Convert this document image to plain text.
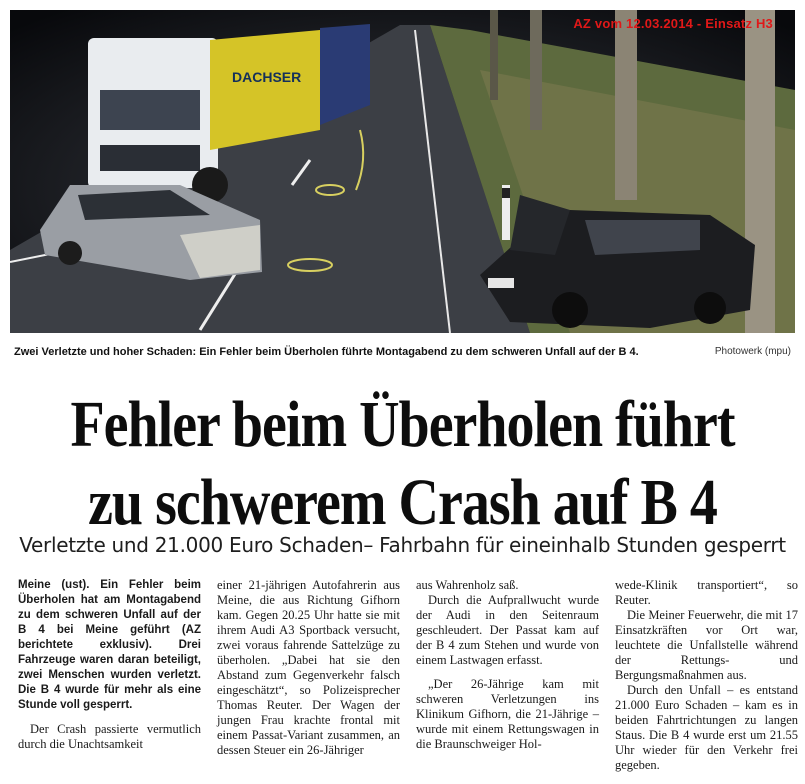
DACHSER
AZ vom 12.03.2014 - Einsatz H3
Zwei Verletzte und hoher Schaden: Ein Fehler beim Überholen führte Montagabend zu dem schweren Unfall auf der B 4.	Photowerk (mpu)
Fehler beim Überholen führt
zu schwerem Crash auf B 4
Verletzte und 21.000 Euro Schaden– Fahrbahn für eineinhalb Stunden gesperrt

Meine (ust). Ein Fehler beim Überholen hat am Montagabend zu dem schweren Unfall auf der B 4 bei Meine geführt (AZ berichtete exklusiv). Drei Fahrzeuge waren daran beteiligt, zwei Menschen wurden verletzt. Die B 4 wurde für mehr als eine Stunde voll gesperrt.

Der Crash passierte vermutlich durch die Unachtsamkeit

einer 21-jährigen Autofahrerin aus Meine, die aus Richtung Gifhorn kam. Gegen 20.25 Uhr hatte sie mit ihrem Audi A3 Sportback versucht, zwei voraus fahrende Sattelzüge zu überholen. „Dabei hat sie den Abstand zum Gegenverkehr falsch eingeschätzt“, so Polizeisprecher Thomas Reuter. Der Wagen der jungen Frau krachte frontal mit einem Passat-Variant zusammen, an dessen Steuer ein 26-Jähriger

aus Wahrenholz saß.

Durch die Aufprallwucht wurde der Audi in den Seitenraum geschleudert. Der Passat kam auf der B 4 zum Stehen und wurde von einem Lastwagen erfasst.

„Der 26-Jährige kam mit schweren Verletzungen ins Klinikum Gifhorn, die 21-Jährige – wurde mit einem Rettungswagen in die Braunschweiger Hol-

wede-Klinik transportiert“, so Reuter.

Die Meiner Feuerwehr, die mit 17 Einsatzkräften vor Ort war, leuchtete die Unfallstelle während der Rettungs- und Bergungsmaßnahmen aus.

Durch den Unfall – es entstand 21.000 Euro Schaden – kam es in beiden Fahrtrichtungen zu langen Staus. Die B 4 wurde erst um 21.55 Uhr wieder für den Verkehr frei gegeben.
